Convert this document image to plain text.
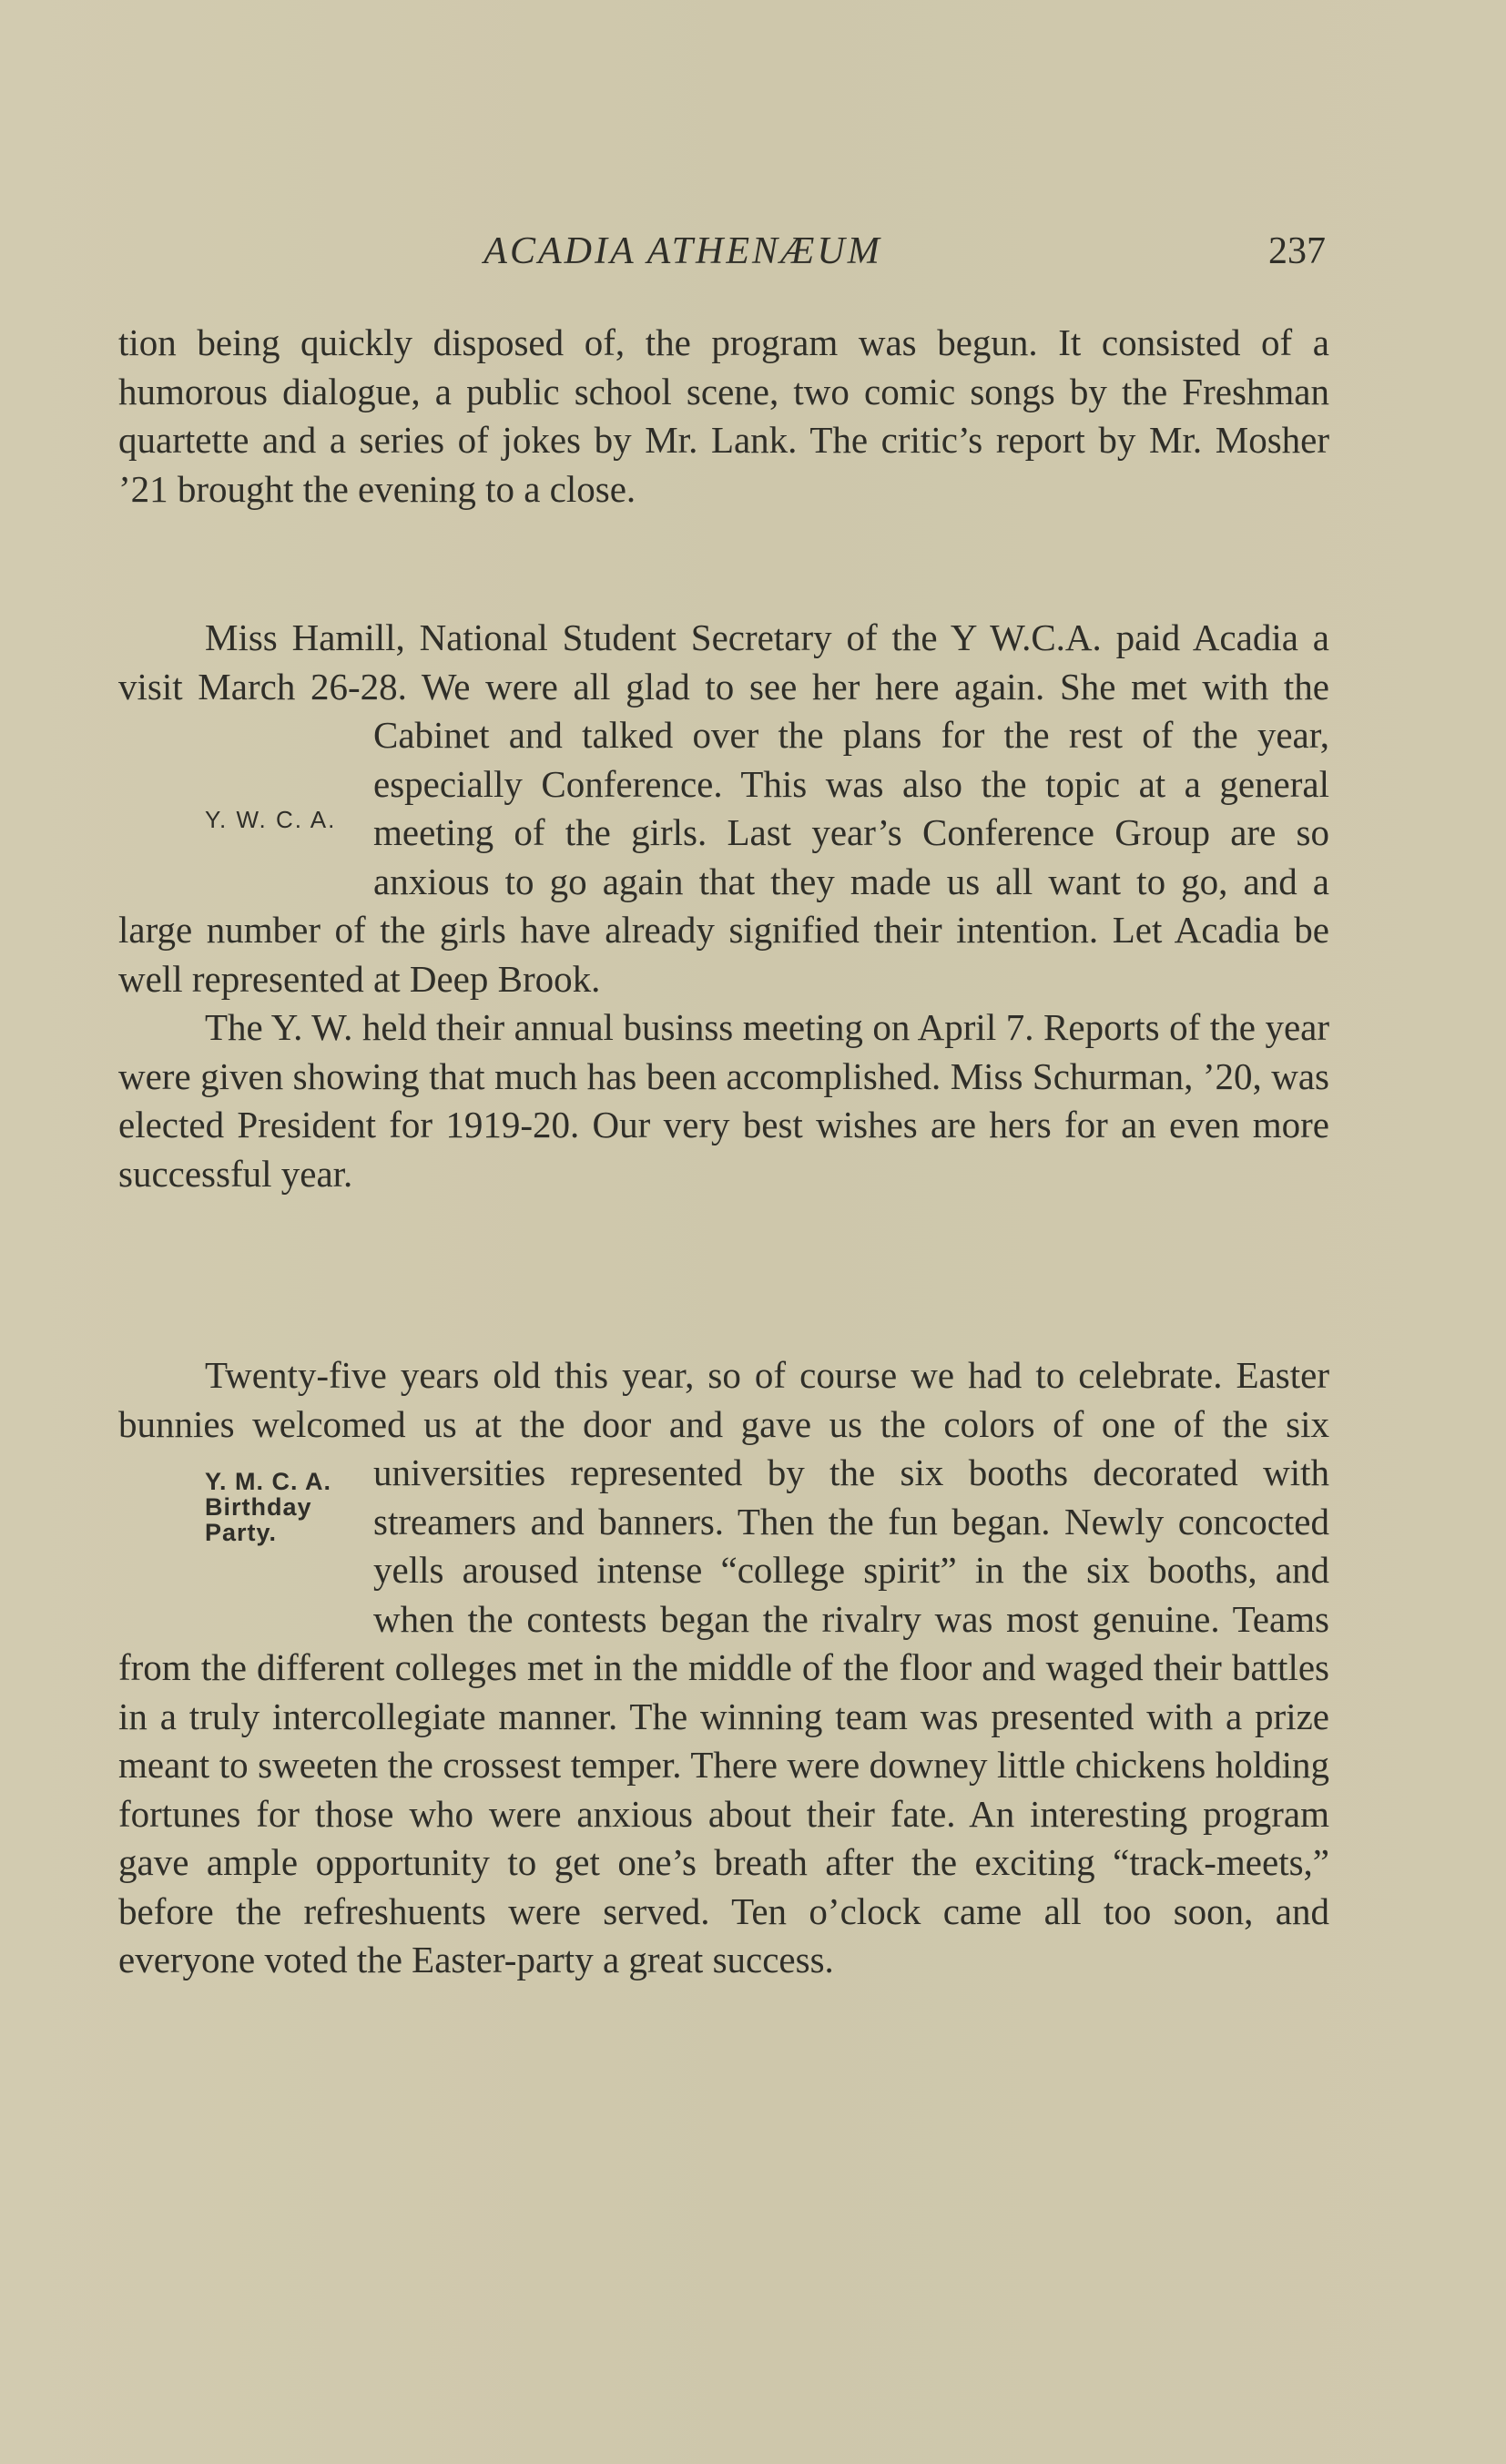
ACADIA ATHENÆUM	237

tion being quickly disposed of, the program was begun. It consisted of a humorous dialogue, a public school scene, two comic songs by the Freshman quartette and a series of jokes by Mr. Lank. The critic’s report by Mr. Mosher ’21 brought the evening to a close.

Y. W. C. A.
Miss Hamill, National Student Secretary of the Y W.C.A. paid Acadia a visit March 26-28. We were all glad to see her here again. She met with the Cabinet and talked over the plans for the rest of the year, especially Conference. This was also the topic at a general meeting of the girls. Last year’s Conference Group are so anxious to go again that they made us all want to go, and a large number of the girls have already signified their intention. Let Acadia be well represented at Deep Brook.

The Y. W. held their annual businss meeting on April 7. Reports of the year were given showing that much has been accomplished. Miss Schurman, ’20, was elected President for 1919-20. Our very best wishes are hers for an even more successful year.

Y. M. C. A.
Birthday
Party.
Twenty-five years old this year, so of course we had to celebrate. Easter bunnies welcomed us at the door and gave us the colors of one of the six universities represented by the six booths decorated with streamers and banners. Then the fun began. Newly concocted yells aroused intense “college spirit” in the six booths, and when the contests began the rivalry was most genuine. Teams from the different colleges met in the middle of the floor and waged their battles in a truly intercollegiate manner. The winning team was presented with a prize meant to sweeten the crossest temper. There were downey little chickens holding fortunes for those who were anxious about their fate. An interesting program gave ample opportunity to get one’s breath after the exciting “track-meets,” before the refreshuents were served. Ten o’clock came all too soon, and everyone voted the Easter-party a great success.
